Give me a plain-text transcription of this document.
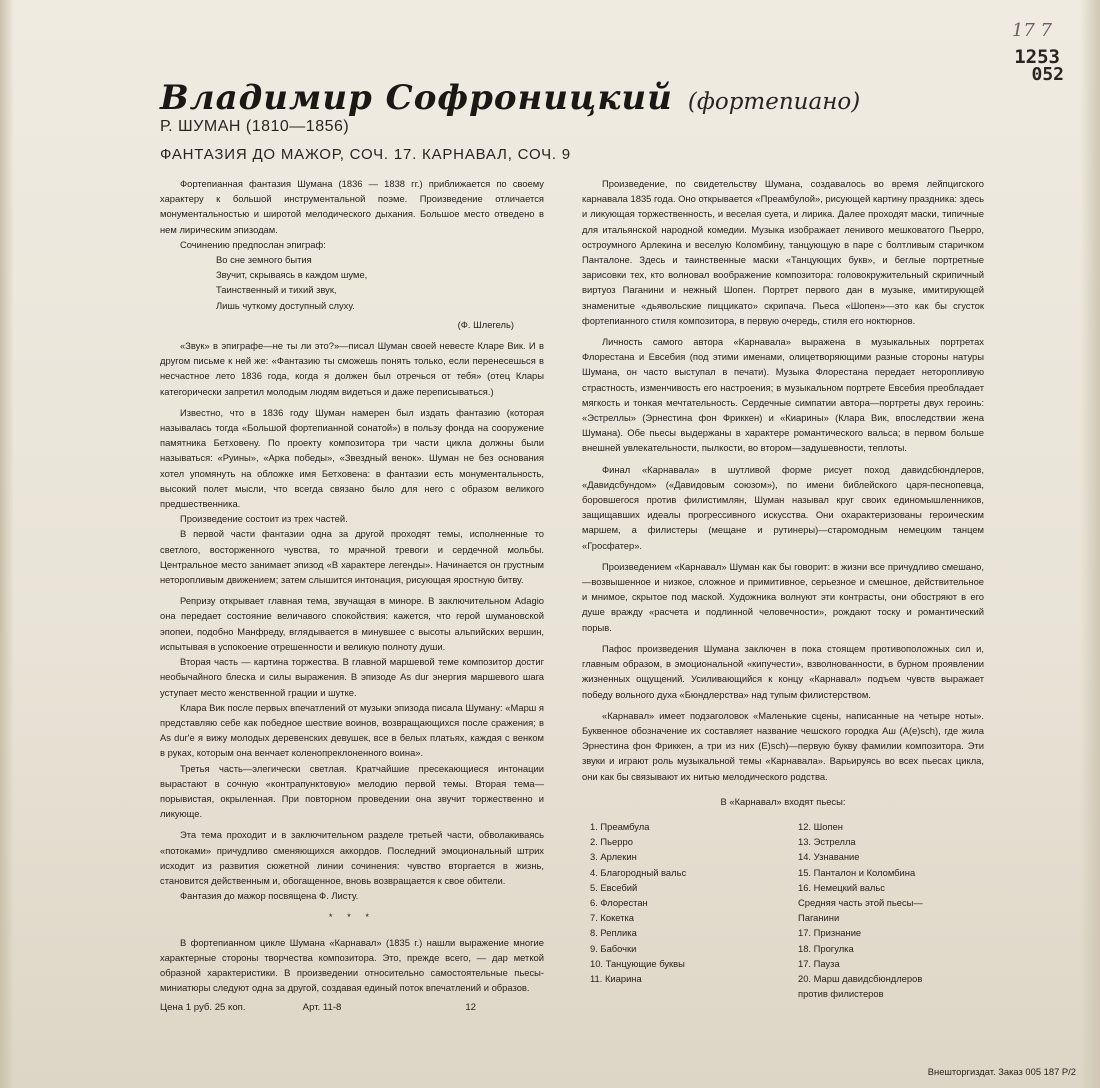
17 7
1253
052
Владимир Софроницкий (фортепиано)
Р. ШУМАН (1810—1856)
ФАНТАЗИЯ ДО МАЖОР, СОЧ. 17. КАРНАВАЛ, СОЧ. 9

Фортепианная фантазия Шумана (1836 — 1838 гг.) приближается по своему характеру к большой инструментальной поэме. Произведение отличается монументальностью и широтой мелодического дыхания. Большое место отведено в нем лирическим эпизодам.

Сочинению предпослан эпиграф:

Во сне земного бытия
Звучит, скрываясь в каждом шуме,
Таинственный и тихий звук,
Лишь чуткому доступный слуху.
(Ф. Шлегель)

«Звук» в эпиграфе—не ты ли это?»—писал Шуман своей невесте Кларе Вик. И в другом письме к ней же: «Фантазию ты сможешь понять только, если перенесешься в несчастное лето 1836 года, когда я должен был отречься от тебя» (отец Клары категорически запретил молодым людям видеться и даже переписываться.)

Известно, что в 1836 году Шуман намерен был издать фантазию (которая называлась тогда «Большой фортепианной сонатой») в пользу фонда на сооружение памятника Бетховену. По проекту композитора три части цикла должны были называться: «Руины», «Арка победы», «Звездный венок». Шуман не без основания хотел упомянуть на обложке имя Бетховена: в фантазии есть монументальность, высокий полет мысли, что всегда связано было для него с образом великого предшественника.

Произведение состоит из трех частей.

В первой части фантазии одна за другой проходят темы, исполненные то светлого, восторженного чувства, то мрачной тревоги и сердечной мольбы. Центральное место занимает эпизод «В характере легенды». Начинается он грустным неторопливым движением; затем слышится интонация, рисующая яростную битву.

Репризу открывает главная тема, звучащая в миноре. В заключительном Adagio она передает состояние величавого спокойствия: кажется, что герой шумановской эпопеи, подобно Манфреду, вглядывается в минувшее с высоты альпийских вершин, испытывая в успокоение отрешенности и великую полноту души.

Вторая часть — картина торжества. В главной маршевой теме композитор достиг необычайного блеска и силы выражения. В эпизоде As dur энергия маршевого шага уступает место женственной грации и шутке.

Клара Вик после первых впечатлений от музыки эпизода писала Шуману: «Марш я представляю себе как победное шествие воинов, возвращающихся после сражения; в As dur'е я вижу молодых деревенских девушек, все в белых платьях, каждая с венком в руках, которым она венчает коленопреклоненного воина».

Третья часть—элегически светлая. Кратчайшие пресекающиеся интонации вырастают в сочную «контрапунктовую» мелодию первой темы. Вторая тема—порывистая, окрыленная. При повторном проведении она звучит торжественно и ликующе.

Эта тема проходит и в заключительном разделе третьей части, обволакиваясь «потоками» причудливо сменяющихся аккордов. Последний эмоциональный штрих исходит из развития сюжетной линии сочинения: чувство вторгается в жизнь, становится действенным и, обогащенное, вновь возвращается к свое обители.

Фантазия до мажор посвящена Ф. Листу.

* * *

В фортепианном цикле Шумана «Карнавал» (1835 г.) нашли выражение многие характерные стороны творчества композитора. Это, прежде всего, — дар меткой образной характеристики. В произведении относительно самостоятельные пьесы-миниатюры следуют одна за другой, создавая единый поток впечатлений и образов.

Произведение, по свидетельству Шумана, создавалось во время лейпцигского карнавала 1835 года. Оно открывается «Преамбулой», рисующей картину праздника: здесь и ликующая торжественность, и веселая суета, и лирика. Далее проходят маски, типичные для итальянской народной комедии. Музыка изображает ленивого мешковатого Пьерро, остроумного Арлекина и веселую Коломбину, танцующую в паре с болтливым старичком Панталоне. Здесь и таинственные маски «Танцующих букв», и беглые портретные зарисовки тех, кто волновал воображение композитора: головокружительный скрипичный виртуоз Паганини и нежный Шопен. Портрет первого дан в музыке, имитирующей знаменитые «дьявольские пиццикато» скрипача. Пьеса «Шопен»—это как бы сгусток фортепианного стиля композитора, в первую очередь, стиля его ноктюрнов.

Личность самого автора «Карнавала» выражена в музыкальных портретах Флорестана и Евсебия (под этими именами, олицетворяющими разные стороны натуры Шумана, он часто выступал в печати). Музыка Флорестана передает неторопливую страстность, изменчивость его настроения; в музыкальном портрете Евсебия преобладает мягкость и тонкая мечтательность. Сердечные симпатии автора—портреты двух героинь: «Эстреллы» (Эрнестина фон Фриккен) и «Киарины» (Клара Вик, впоследствии жена Шумана). Обе пьесы выдержаны в характере романтического вальса; в первом больше внешней увлекательности, пылкости, во втором—задушевности, теплоты.

Финал «Карнавала» в шутливой форме рисует поход давидсбюндлеров, «Давидсбундом» («Давидовым союзом»), по имени библейского царя-песнопевца, боровшегося против филистимлян, Шуман называл круг своих единомышленников, защищавших идеалы прогрессивного искусства. Они охарактеризованы героическим маршем, а филистеры (мещане и рутинеры)—старомодным немецким танцем «Гросфатер».

Произведением «Карнавал» Шуман как бы говорит: в жизни все причудливо смешано,—возвышенное и низкое, сложное и примитивное, серьезное и смешное, действительное и мнимое, скрытое под маской. Художника волнуют эти контрасты, они обостряют в его душе вражду «расчета и подлинной человечности», рождают тоску и романтический порыв.

Пафос произведения Шумана заключен в пока стоящем противоположных сил и, главным образом, в эмоциональной «кипучести», взволнованности, в бурном проявлении жизненных ощущений. Усиливающийся к концу «Карнавал» подъем чувств выражает победу вольного духа «Бюндлерства» над тупым филистерством.

«Карнавал» имеет подзаголовок «Маленькие сцены, написанные на четыре ноты». Буквенное обозначение их составляет название чешского городка Аш (A(e)sch), где жила Эрнестина фон Фриккен, а три из них (E)sch)—первую букву фамилии композитора. Эти звуки и играют роль музыкальной темы «Карнавала». Варьируясь во всех пьесах цикла, они как бы связывают их нитью мелодического родства.

В «Карнавал» входят пьесы:
1. Преамбула
2. Пьерро
3. Арлекин
4. Благородный вальс
5. Евсебий
6. Флорестан
7. Кокетка
8. Реплика
9. Бабочки
10. Танцующие буквы
11. Киарина
12. Шопен
13. Эстрелла
14. Узнавание
15. Панталон и Коломбина
16. Немецкий вальс
Средняя часть этой пьесы—
Паганини
17. Признание
18. Прогулка
17. Пауза
20. Марш давидсбюндлеров
против филистеров
Цена 1 руб. 25 коп.	Арт. 11-8	12
Внешторгиздат. Заказ 005 187 Р/2
